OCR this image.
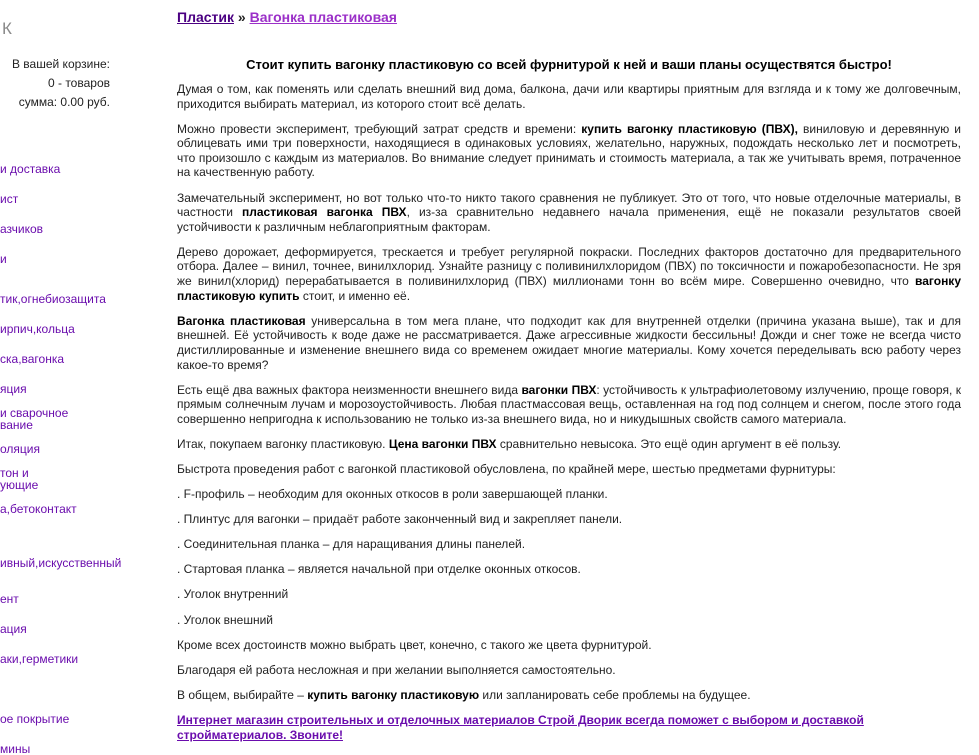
К
В вашей корзине:
0 - товаров
сумма: 0.00 руб.
и доставка
ист
азчиков
и
тик,огнебиозащита
ирпич,кольца
ска,вагонка
яция
и сварочное
вание
оляция
тон и
ующие
а,бетоконтакт
ивный,искусственный
ент
ация
аки,герметики
ое покрытие
мины
Пластик » Вагонка пластиковая
Стоит купить вагонку пластиковую со всей фурнитурой к ней и ваши планы осуществятся быстро!

Думая о том, как поменять или сделать внешний вид дома, балкона, дачи или квартиры приятным для взгляда и к тому же долговечным, приходится выбирать материал, из которого стоит всё делать.

Можно провести эксперимент, требующий затрат средств и времени: купить вагонку пластиковую (ПВХ), виниловую и деревянную и облицевать ими три поверхности, находящиеся в одинаковых условиях, желательно, наружных, подождать несколько лет и посмотреть, что произошло с каждым из материалов. Во внимание следует принимать и стоимость материала, а так же учитывать время, потраченное на качественную работу.

Замечательный эксперимент, но вот только что-то никто такого сравнения не публикует. Это от того, что новые отделочные материалы, в частности пластиковая вагонка ПВХ, из-за сравнительно недавнего начала применения, ещё не показали результатов своей устойчивости к различным неблагоприятным факторам.

Дерево дорожает, деформируется, трескается и требует регулярной покраски. Последних факторов достаточно для предварительного отбора. Далее – винил, точнее, винилхлорид. Узнайте разницу с поливинилхлоридом (ПВХ) по токсичности и пожаробезопасности. Не зря же винил(хлорид) перерабатывается в поливинилхлорид (ПВХ) миллионами тонн во всём мире. Совершенно очевидно, что вагонку пластиковую купить стоит, и именно её.

Вагонка пластиковая универсальна в том мега плане, что подходит как для внутренней отделки (причина указана выше), так и для внешней. Её устойчивость к воде даже не рассматривается. Даже агрессивные жидкости бессильны! Дожди и снег тоже не всегда чисто дистиллированные и изменение внешнего вида со временем ожидает многие материалы. Кому хочется переделывать всю работу через какое-то время?

Есть ещё два важных фактора неизменности внешнего вида вагонки ПВХ: устойчивость к ультрафиолетовому излучению, проще говоря, к прямым солнечным лучам и морозоустойчивость. Любая пластмассовая вещь, оставленная на год под солнцем и снегом, после этого года совершенно непригодна к использованию не только из-за внешнего вида, но и никудышных свойств самого материала.

Итак, покупаем вагонку пластиковую. Цена вагонки ПВХ сравнительно невысока. Это ещё один аргумент в её пользу.

Быстрота проведения работ с вагонкой пластиковой обусловлена, по крайней мере, шестью предметами фурнитуры:

. F-профиль – необходим для оконных откосов в роли завершающей планки.

. Плинтус для вагонки – придаёт работе законченный вид и закрепляет панели.

. Соединительная планка – для наращивания длины панелей.

. Стартовая планка – является начальной при отделке оконных откосов.

. Уголок внутренний

. Уголок внешний

Кроме всех достоинств можно выбрать цвет, конечно, с такого же цвета фурнитурой.

Благодаря ей работа несложная и при желании выполняется самостоятельно.

В общем, выбирайте – купить вагонку пластиковую или запланировать себе проблемы на будущее.

Интернет магазин строительных и отделочных материалов Строй Дворик всегда поможет с выбором и доставкой стройматериалов. Звоните!
